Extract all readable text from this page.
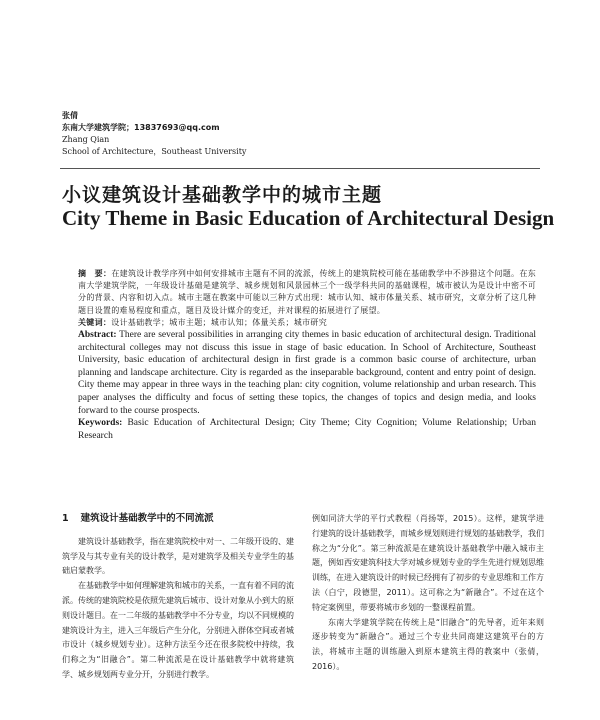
张倩
东南大学建筑学院；13837693@qq.com
Zhang Qian
School of Architecture，Southeast University
小议建筑设计基础教学中的城市主题
City Theme in Basic Education of Architectural Design

摘　要：在建筑设计教学序列中如何安排城市主题有不同的流派，传统上的建筑院校可能在基础教学中不涉猎这个问题。在东南大学建筑学院，一年级设计基础是建筑学、城乡规划和风景园林三个一级学科共同的基础课程，城市被认为是设计中密不可分的背景、内容和切入点。城市主题在教案中可能以三种方式出现：城市认知、城市体量关系、城市研究，文章分析了这几种题目设置的难易程度和重点，题目及设计媒介的变迁，并对课程的拓展进行了展望。

关键词：设计基础教学；城市主题；城市认知；体量关系；城市研究

Abstract: There are several possibilities in arranging city themes in basic education of architectural design. Traditional architectural colleges may not discuss this issue in stage of basic education. In School of Architecture, Southeast University, basic education of architectural design in first grade is a common basic course of architecture, urban planning and landscape architecture. City is regarded as the inseparable background, content and entry point of design. City theme may appear in three ways in the teaching plan: city cognition, volume relationship and urban research. This paper analyses the difficulty and focus of setting these topics, the changes of topics and design media, and looks forward to the course prospects.

Keywords: Basic Education of Architectural Design; City Theme; City Cognition; Volume Relationship; Urban Research

1 建筑设计基础教学中的不同流派

建筑设计基础教学，指在建筑院校中对一、二年级开设的、建筑学及与其专业有关的设计教学，是对建筑学及相关专业学生的基础启蒙教学。

在基础教学中如何理解建筑和城市的关系，一直有着不同的流派。传统的建筑院校是依照先建筑后城市、设计对象从小到大的原则设计题目。在一二年级的基础教学中不分专业，均以不同规模的建筑设计为主，进入三年级后产生分化，分别进入群体空间或者城市设计（城乡规划专业）。这种方法至今还在很多院校中持续，我们称之为“旧融合”。第二种流派是在设计基础教学中就将建筑学、城乡规划两专业分开，分别进行教学。

例如同济大学的平行式教程（肖扬等，2015）。这样，建筑学进行建筑的设计基础教学，而城乡规划则进行规划的基础教学，我们称之为“分化”。第三种流派是在建筑设计基础教学中融入城市主题，例如西安建筑科技大学对城乡规划专业的学生先进行规划思维训练，在进入建筑设计的时候已经拥有了初步的专业思维和工作方法（白宁，段德罡，2011）。这可称之为“新融合”。不过在这个特定案例里，带要将城市乡划的一整课程前置。

东南大学建筑学院在传统上是“旧融合”的先导者，近年来则逐步转变为“新融合”。通过三个专业共同商建这建筑平台的方法，将城市主题的训练融入到原本建筑主得的教案中（张倩，2016）。
